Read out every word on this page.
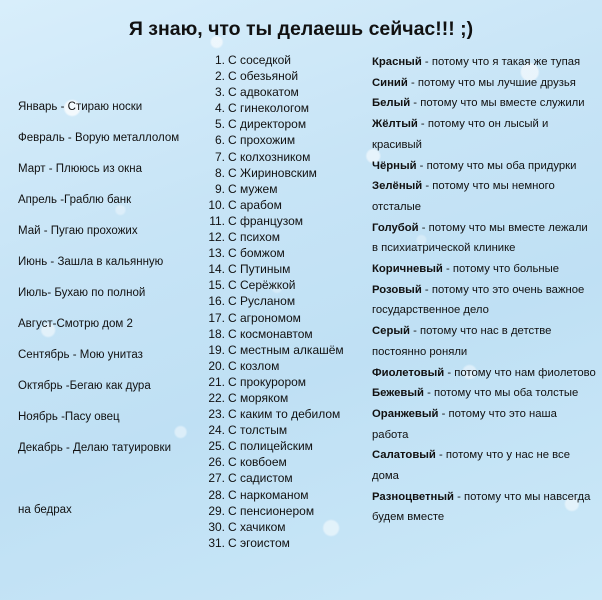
Я знаю, что ты делаешь сейчас!!! ;)
Январь - Стираю носки
Февраль - Ворую металлолом
Март - Плююсь из окна
Апрель -Граблю банк
Май - Пугаю прохожих
Июнь - Зашла в кальянную
Июль- Бухаю по полной
Август-Смотрю дом 2
Сентябрь - Мою унитаз
Октябрь -Бегаю как дура
Ноябрь -Пасу овец
Декабрь - Делаю татуировки

на бедрах
1. С соседкой
2. С обезьяной
3. С адвокатом
4. С гинекологом
5. С директором
6. С прохожим
7. С колхозником
8. С Жириновским
9. С мужем
10. С арабом
11. С французом
12. С психом
13. С бомжом
14. С Путиным
15. С Серёжкой
16. С Русланом
17. С агрономом
18. С космонавтом
19. С местным алкашём
20. С козлом
21. С прокурором
22. С моряком
23. С каким то дебилом
24. С толстым
25. С полицейским
26. С ковбоем
27. С садистом
28. С наркоманом
29. С пенсионером
30. С хачиком
31. С эгоистом
Красный - потому что я такая же тупая
Синий - потому что мы лучшие друзья
Белый - потому что мы вместе служили
Жёлтый - потому что он лысый и красивый
Чёрный - потому что мы оба придурки
Зелёный - потому что мы немного отсталые
Голубой - потому что мы вместе лежали в психиатрической клинике
Коричневый - потому что больные
Розовый - потому что это очень важное государственное дело
Серый - потому что нас в детстве постоянно роняли
Фиолетовый - потому что нам фиолетово
Бежевый - потому что мы оба толстые
Оранжевый - потому что это наша работа
Салатовый - потому что у нас не все дома
Разноцветный - потому что мы навсегда будем вместе
